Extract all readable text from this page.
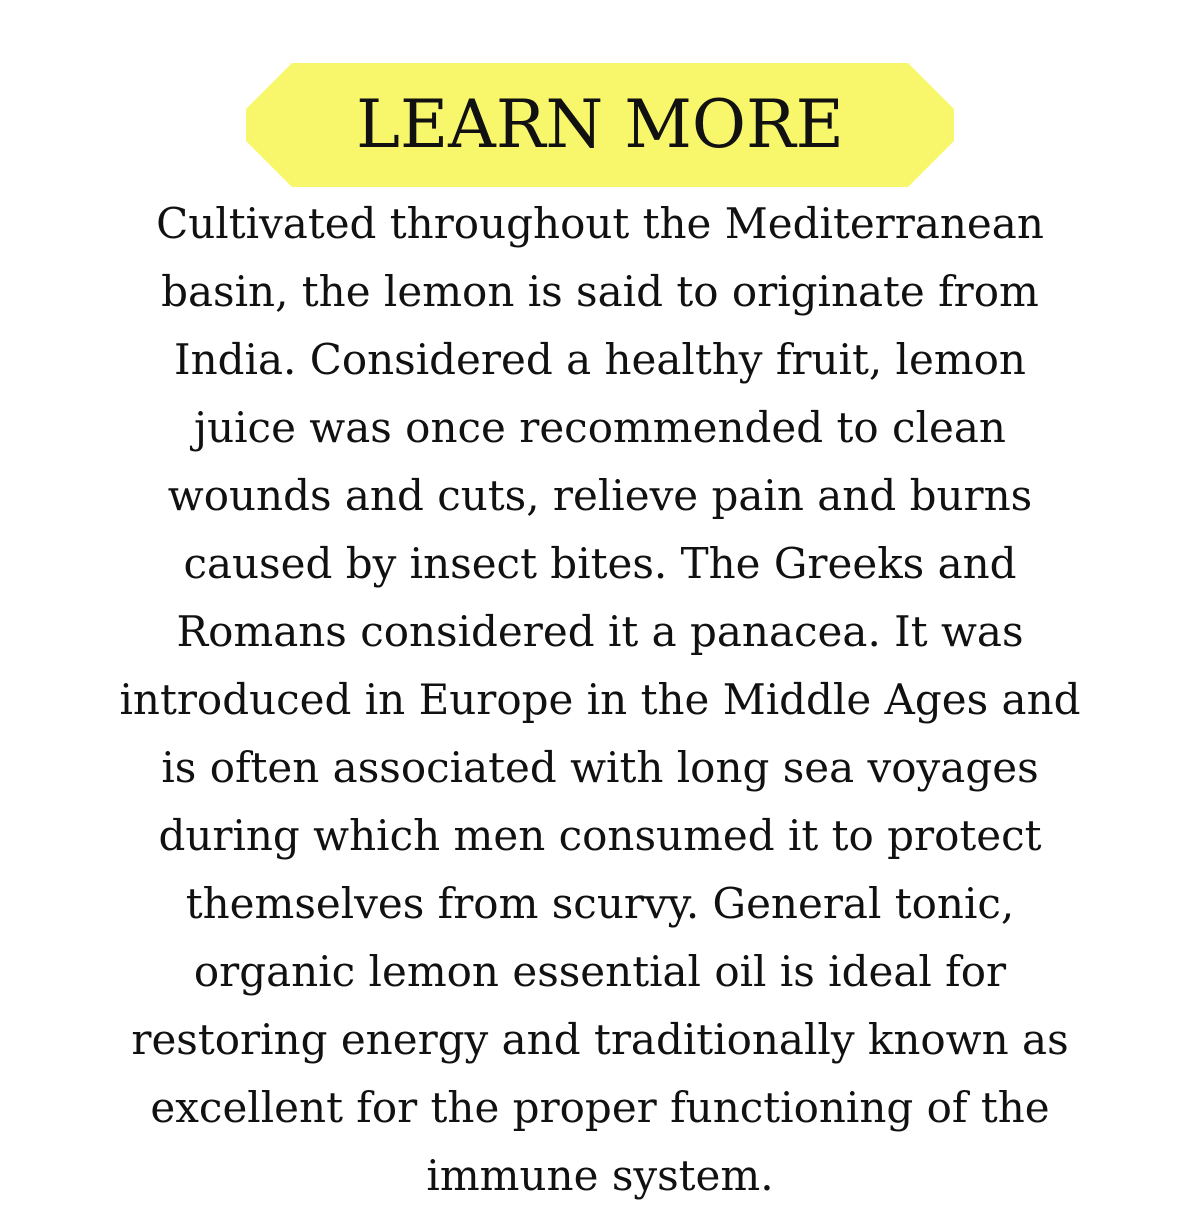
LEARN MORE
Cultivated throughout the Mediterranean
basin, the lemon is said to originate from
India. Considered a healthy fruit, lemon
juice was once recommended to clean
wounds and cuts, relieve pain and burns
caused by insect bites. The Greeks and
Romans considered it a panacea. It was
introduced in Europe in the Middle Ages and
is often associated with long sea voyages
during which men consumed it to protect
themselves from scurvy. General tonic,
organic lemon essential oil is ideal for
restoring energy and traditionally known as
excellent for the proper functioning of the
immune system.
